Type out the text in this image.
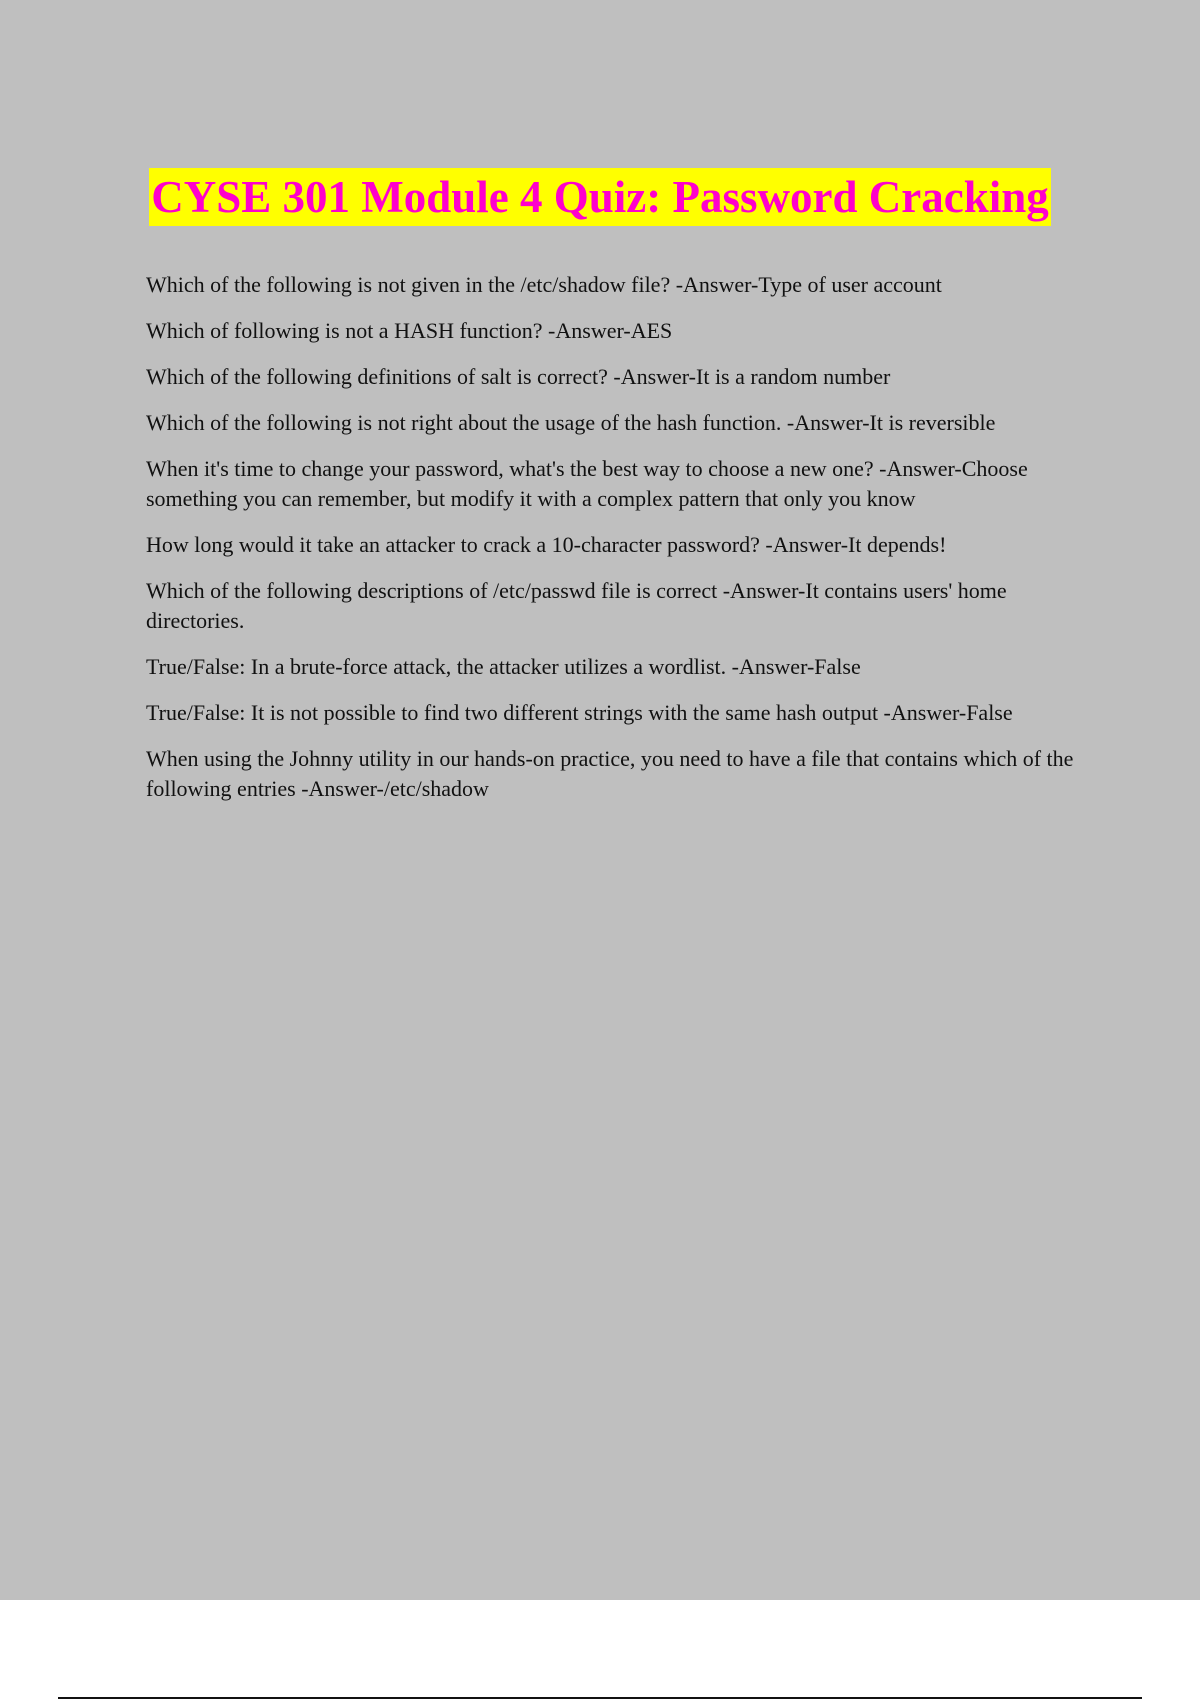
CYSE 301 Module 4 Quiz: Password Cracking
Which of the following is not given in the /etc/shadow file? -Answer-Type of user account
Which of following is not a HASH function? -Answer-AES
Which of the following definitions of salt is correct? -Answer-It is a random number
Which of the following is not right about the usage of the hash function. -Answer-It is reversible
When it's time to change your password, what's the best way to choose a new one? -Answer-Choose something you can remember, but modify it with a complex pattern that only you know
How long would it take an attacker to crack a 10-character password? -Answer-It depends!
Which of the following descriptions of /etc/passwd file is correct -Answer-It contains users' home directories.
True/False: In a brute-force attack, the attacker utilizes a wordlist. -Answer-False
True/False: It is not possible to find two different strings with the same hash output -Answer-False
When using the Johnny utility in our hands-on practice, you need to have a file that contains which of the following entries -Answer-/etc/shadow
